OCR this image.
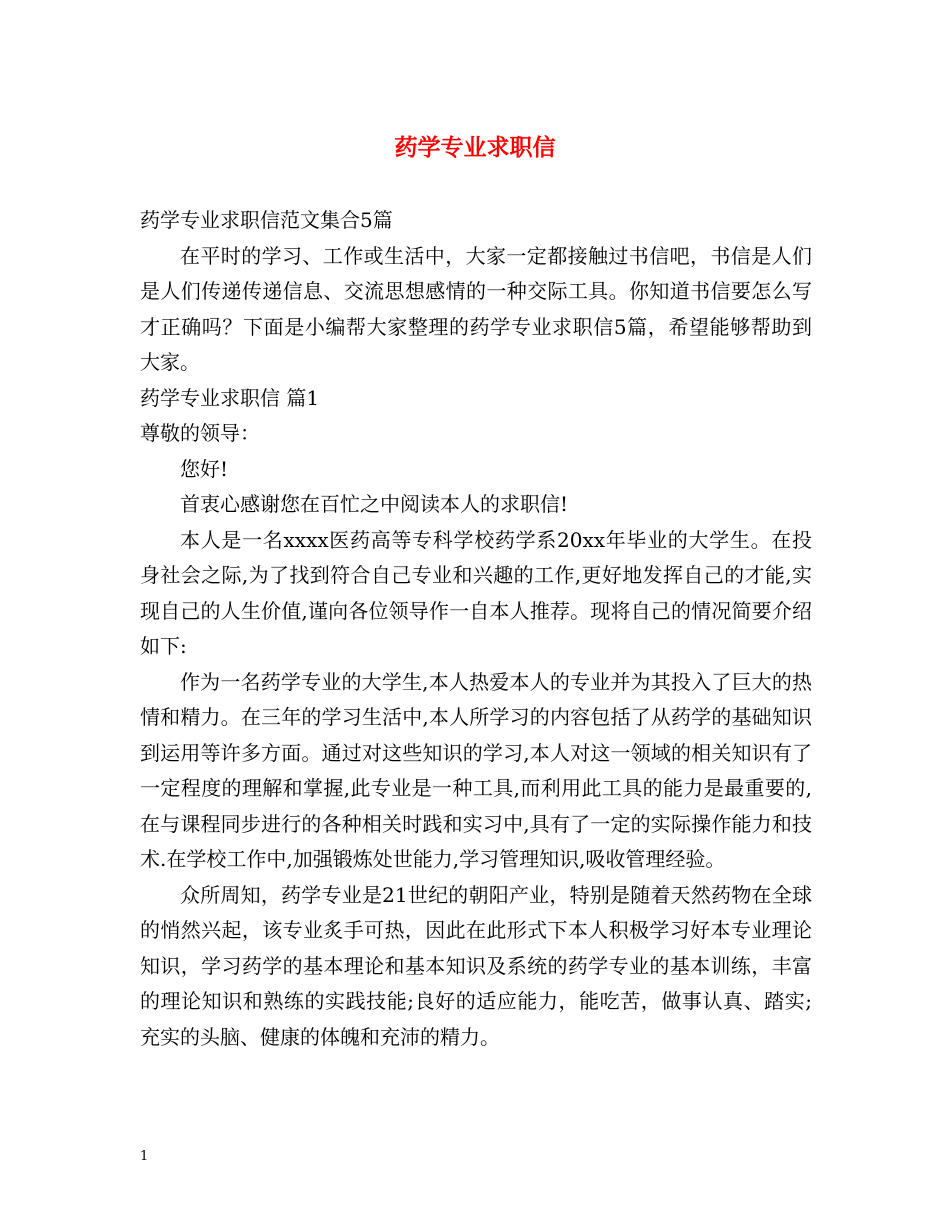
药学专业求职信

药学专业求职信范文集合5篇

在平时的学习、工作或生活中，大家一定都接触过书信吧，书信是人们是人们传递传递信息、交流思想感情的一种交际工具。你知道书信要怎么写才正确吗？下面是小编帮大家整理的药学专业求职信5篇，希望能够帮助到大家。

药学专业求职信 篇1

尊敬的领导：

您好!

首衷心感谢您在百忙之中阅读本人的求职信!

本人是一名xxxx医药高等专科学校药学系20xx年毕业的大学生。在投身社会之际,为了找到符合自己专业和兴趣的工作,更好地发挥自己的才能,实现自己的人生价值,谨向各位领导作一自本人推荐。现将自己的情况简要介绍如下:

作为一名药学专业的大学生,本人热爱本人的专业并为其投入了巨大的热情和精力。在三年的学习生活中,本人所学习的内容包括了从药学的基础知识到运用等许多方面。通过对这些知识的学习,本人对这一领域的相关知识有了一定程度的理解和掌握,此专业是一种工具,而利用此工具的能力是最重要的,在与课程同步进行的各种相关时践和实习中,具有了一定的实际操作能力和技术.在学校工作中,加强锻炼处世能力,学习管理知识,吸收管理经验。

众所周知，药学专业是21世纪的朝阳产业，特别是随着天然药物在全球的悄然兴起，该专业炙手可热，因此在此形式下本人积极学习好本专业理论知识，学习药学的基本理论和基本知识及系统的药学专业的基本训练，丰富的理论知识和熟练的实践技能;良好的适应能力，能吃苦，做事认真、踏实;充实的头脑、健康的体魄和充沛的精力。

1
